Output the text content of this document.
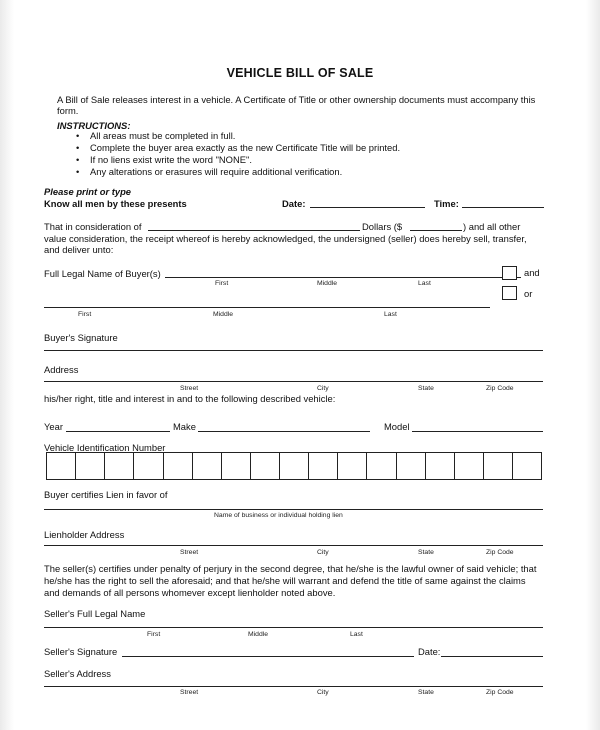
VEHICLE BILL OF SALE
A Bill of Sale releases interest in a vehicle. A Certificate of Title or other ownership documents must accompany this
form.
INSTRUCTIONS:
• All areas must be completed in full.
• Complete the buyer area exactly as the new Certificate Title will be printed.
• If no liens exist write the word "NONE".
• Any alterations or erasures will require additional verification.
Please print or type
Know all men by these presents	Date:	Time:
That in consideration of	Dollars ($	) and all other
value consideration, the receipt whereof is hereby acknowledged, the undersigned (seller) does hereby sell, transfer,
and deliver unto:
Full Legal Name of Buyer(s)
First	Middle	Last
and
or
First	Middle	Last
Buyer's Signature
Address
Street	City	State	Zip Code
his/her right, title and interest in and to the following described vehicle:
Year	Make	Model
Vehicle Identification Number
Buyer certifies Lien in favor of
Name of business or individual holding lien
Lienholder Address
Street	City	State	Zip Code
The seller(s) certifies under penalty of perjury in the second degree, that he/she is the lawful owner of said vehicle; that
he/she has the right to sell the aforesaid; and that he/she will warrant and defend the title of same against the claims
and demands of all persons whomever except lienholder noted above.
Seller's Full Legal Name
First	Middle	Last
Seller's Signature	Date:
Seller's Address
Street	City	State	Zip Code
